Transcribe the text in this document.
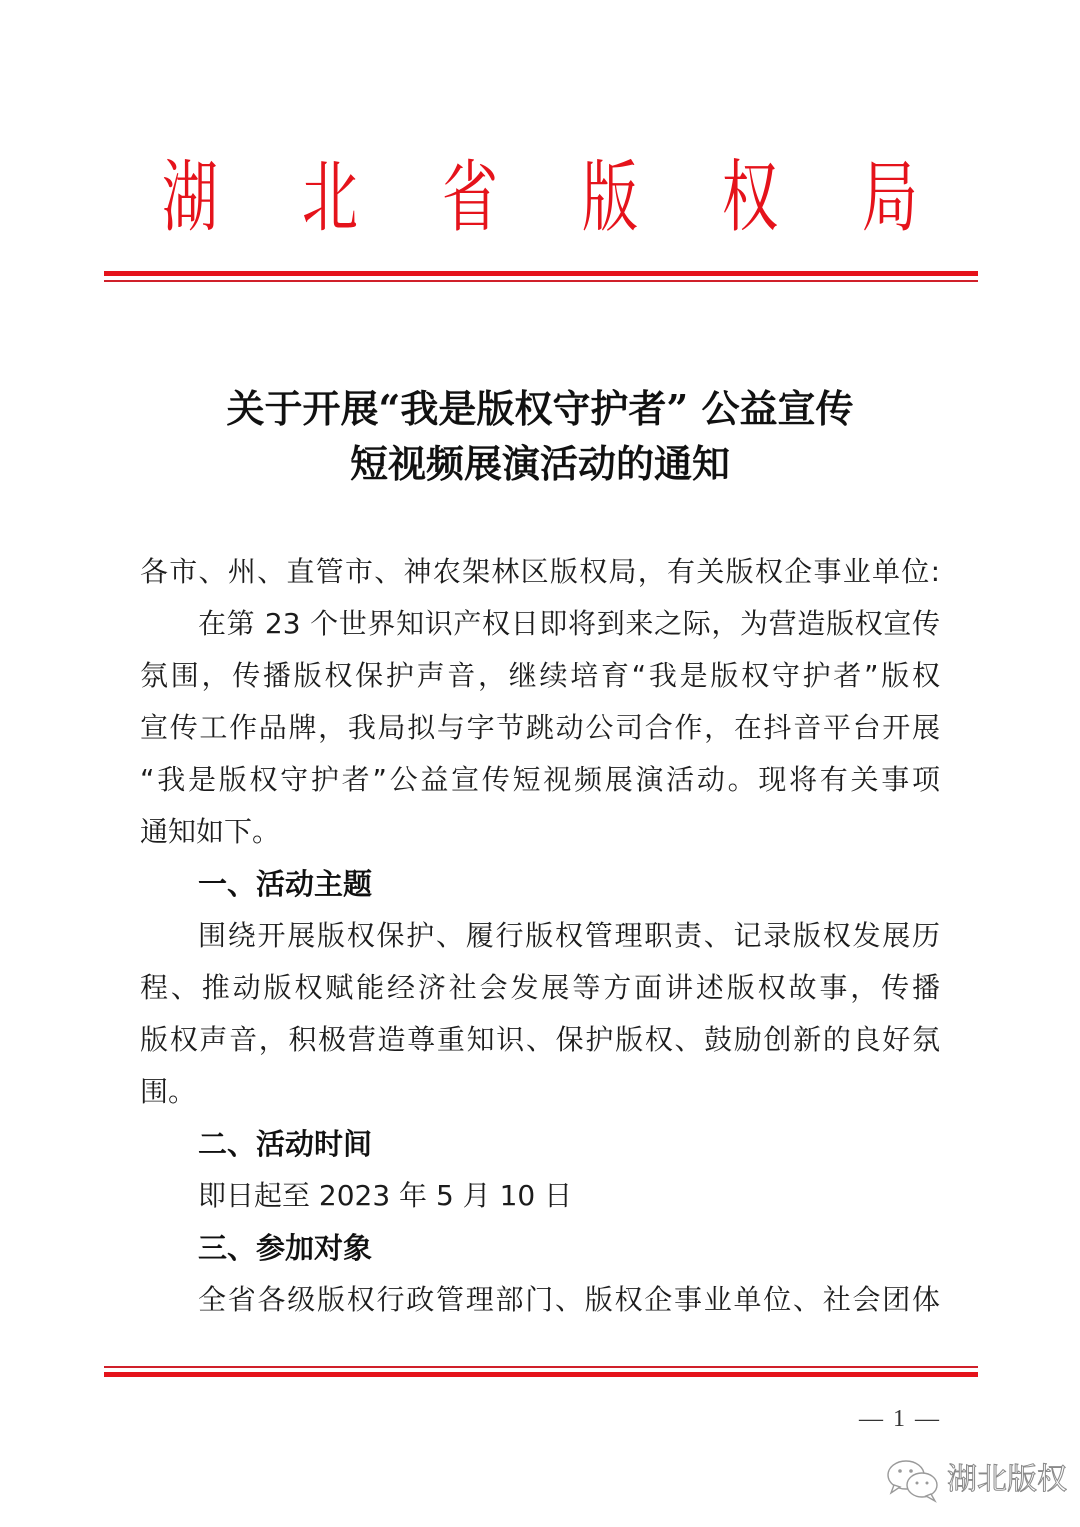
湖 北 省 版 权 局
关于开展“我是版权守护者” 公益宣传
短视频展演活动的通知
各市、州、直管市、神农架林区版权局，有关版权企事业单位:
在第 23 个世界知识产权日即将到来之际，为营造版权宣传
氛围，传播版权保护声音，继续培育“我是版权守护者”版权
宣传工作品牌，我局拟与字节跳动公司合作，在抖音平台开展
“我是版权守护者”公益宣传短视频展演活动。现将有关事项
通知如下。
一、活动主题
围绕开展版权保护、履行版权管理职责、记录版权发展历
程、推动版权赋能经济社会发展等方面讲述版权故事，传播
版权声音，积极营造尊重知识、保护版权、鼓励创新的良好氛
围。
二、活动时间
即日起至 2023 年 5 月 10 日
三、参加对象
全省各级版权行政管理部门、版权企事业单位、社会团体
— 1 —
湖北版权
